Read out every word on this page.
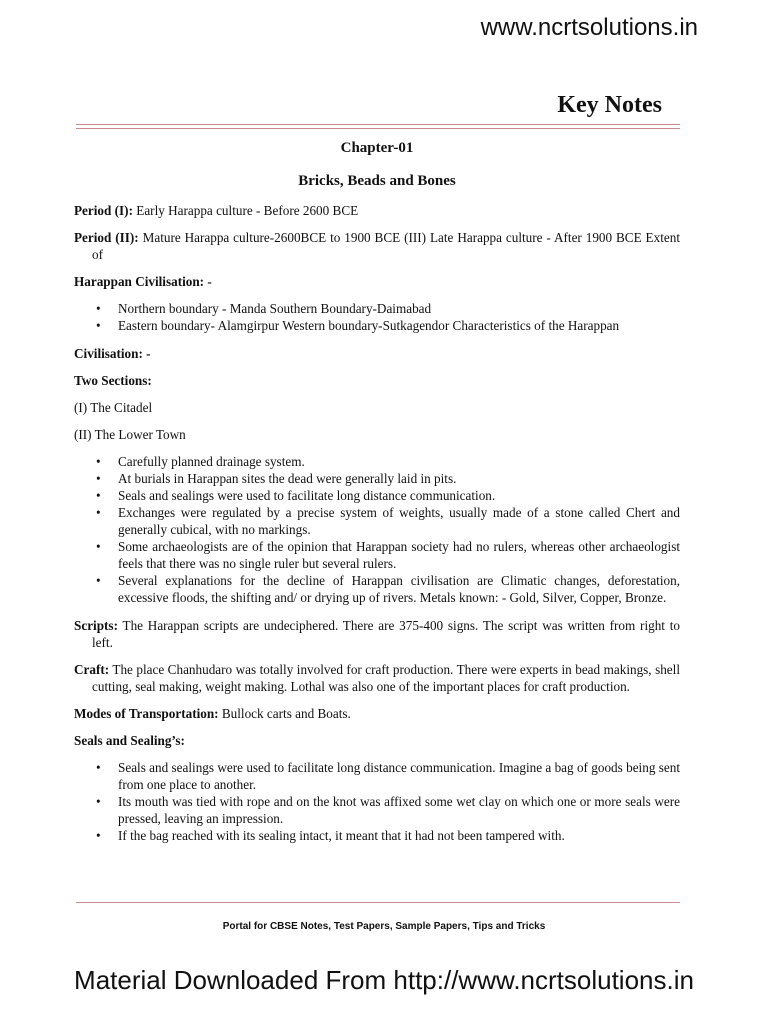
www.ncrtsolutions.in
Key Notes
Chapter-01
Bricks, Beads and Bones

Period (I): Early Harappa culture - Before 2600 BCE

Period (II): Mature Harappa culture-2600BCE to 1900 BCE (III) Late Harappa culture - After 1900 BCE Extent of

Harappan Civilisation: -

• Northern boundary - Manda Southern Boundary-Daimabad
• Eastern boundary- Alamgirpur Western boundary-Sutkagendor Characteristics of the Harappan

Civilisation: -

Two Sections:

(I) The Citadel

(II) The Lower Town

• Carefully planned drainage system.
• At burials in Harappan sites the dead were generally laid in pits.
• Seals and sealings were used to facilitate long distance communication.
• Exchanges were regulated by a precise system of weights, usually made of a stone called Chert and generally cubical, with no markings.
• Some archaeologists are of the opinion that Harappan society had no rulers, whereas other archaeologist feels that there was no single ruler but several rulers.
• Several explanations for the decline of Harappan civilisation are Climatic changes, deforestation, excessive floods, the shifting and/ or drying up of rivers. Metals known: - Gold, Silver, Copper, Bronze.

Scripts: The Harappan scripts are undeciphered. There are 375-400 signs. The script was written from right to left.

Craft: The place Chanhudaro was totally involved for craft production. There were experts in bead makings, shell cutting, seal making, weight making. Lothal was also one of the important places for craft production.

Modes of Transportation: Bullock carts and Boats.

Seals and Sealing’s:

• Seals and sealings were used to facilitate long distance communication. Imagine a bag of goods being sent from one place to another.
• Its mouth was tied with rope and on the knot was affixed some wet clay on which one or more seals were pressed, leaving an impression.
• If the bag reached with its sealing intact, it meant that it had not been tampered with.
Portal for CBSE Notes, Test Papers, Sample Papers, Tips and Tricks
Material Downloaded From http://www.ncrtsolutions.in
